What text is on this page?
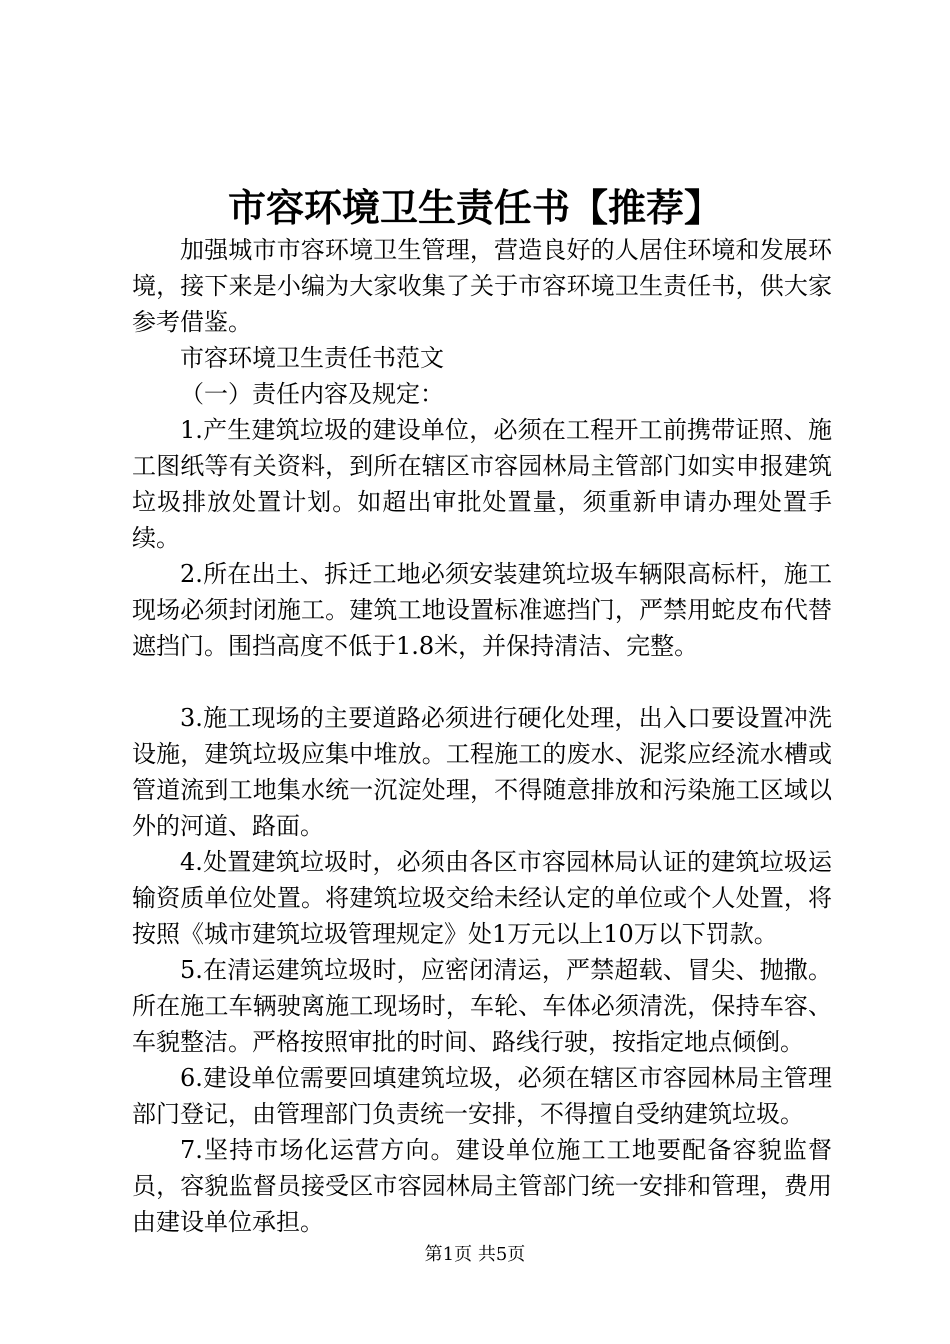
市容环境卫生责任书【推荐】

加强城市市容环境卫生管理，营造良好的人居住环境和发展环境，接下来是小编为大家收集了关于市容环境卫生责任书，供大家参考借鉴。

市容环境卫生责任书范文

（一）责任内容及规定：

1.产生建筑垃圾的建设单位，必须在工程开工前携带证照、施工图纸等有关资料，到所在辖区市容园林局主管部门如实申报建筑垃圾排放处置计划。如超出审批处置量，须重新申请办理处置手续。

2.所在出土、拆迁工地必须安装建筑垃圾车辆限高标杆，施工现场必须封闭施工。建筑工地设置标准遮挡门，严禁用蛇皮布代替遮挡门。围挡高度不低于1.8米，并保持清洁、完整。

3.施工现场的主要道路必须进行硬化处理，出入口要设置冲洗设施，建筑垃圾应集中堆放。工程施工的废水、泥浆应经流水槽或管道流到工地集水统一沉淀处理，不得随意排放和污染施工区域以外的河道、路面。

4.处置建筑垃圾时，必须由各区市容园林局认证的建筑垃圾运输资质单位处置。将建筑垃圾交给未经认定的单位或个人处置，将按照《城市建筑垃圾管理规定》处1万元以上10万以下罚款。

5.在清运建筑垃圾时，应密闭清运，严禁超载、冒尖、抛撒。所在施工车辆驶离施工现场时，车轮、车体必须清洗，保持车容、车貌整洁。严格按照审批的时间、路线行驶，按指定地点倾倒。

6.建设单位需要回填建筑垃圾，必须在辖区市容园林局主管理部门登记，由管理部门负责统一安排，不得擅自受纳建筑垃圾。

7.坚持市场化运营方向。建设单位施工工地要配备容貌监督员，容貌监督员接受区市容园林局主管部门统一安排和管理，费用由建设单位承担。

第1页 共5页
